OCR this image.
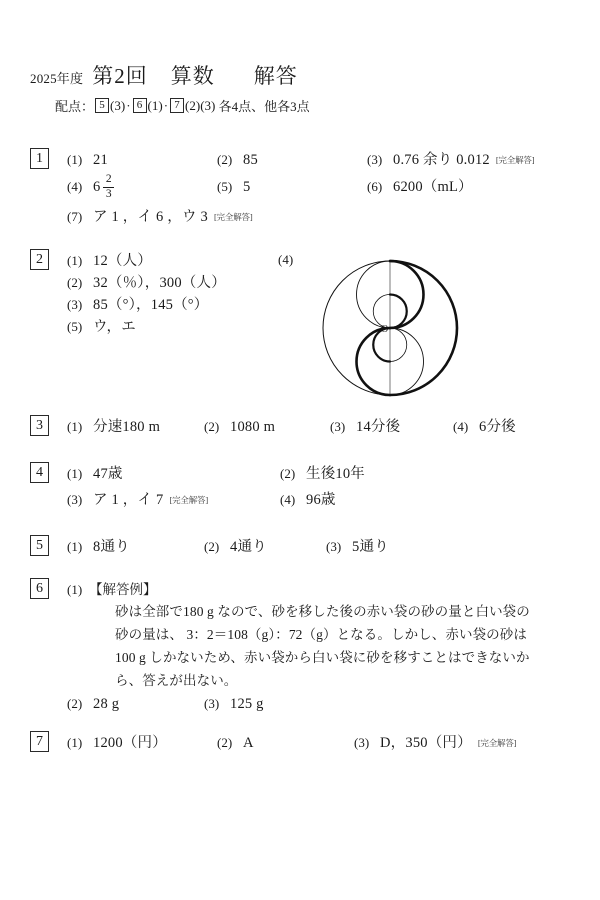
2025年度 第2回 算数 解答
配点： 5 (3) · 6 (1) · 7 (2)(3) 各4点、他各3点
1	(1) 21	(2) 85	(3) 0.76 余り 0.012 [完全解答]
(4) $6 \frac{2}{3}$	(5) 5	(6) 6200（mL）
(7) ア 1 ，イ 6 ，ウ 3 [完全解答]
2	(1) 12（人）
(2) 32（％），300（人）
(3) 85（°），145（°）
(5) ウ，エ
(4)
O
3	(1) 分速180 m	(2) 1080 m	(3) 14分後	(4) 6分後
4	(1) 47歳	(2) 生後10年
(3) ア 1 ，イ 7 [完全解答]	(4) 96歳
5	(1) 8通り	(2) 4通り	(3) 5通り
6	(1) 【解答例】
砂は全部で180 g なので、砂を移した後の赤い袋の砂の量と白い袋の
砂の量は、 3：2＝108（g）：72（g）となる。しかし、赤い袋の砂は
100 g しかないため、赤い袋から白い袋に砂を移すことはできないか
ら、答えが出ない。
(2) 28 g	(3) 125 g
7	(1) 1200（円）	(2) A	(3) D，350（円） [完全解答]
